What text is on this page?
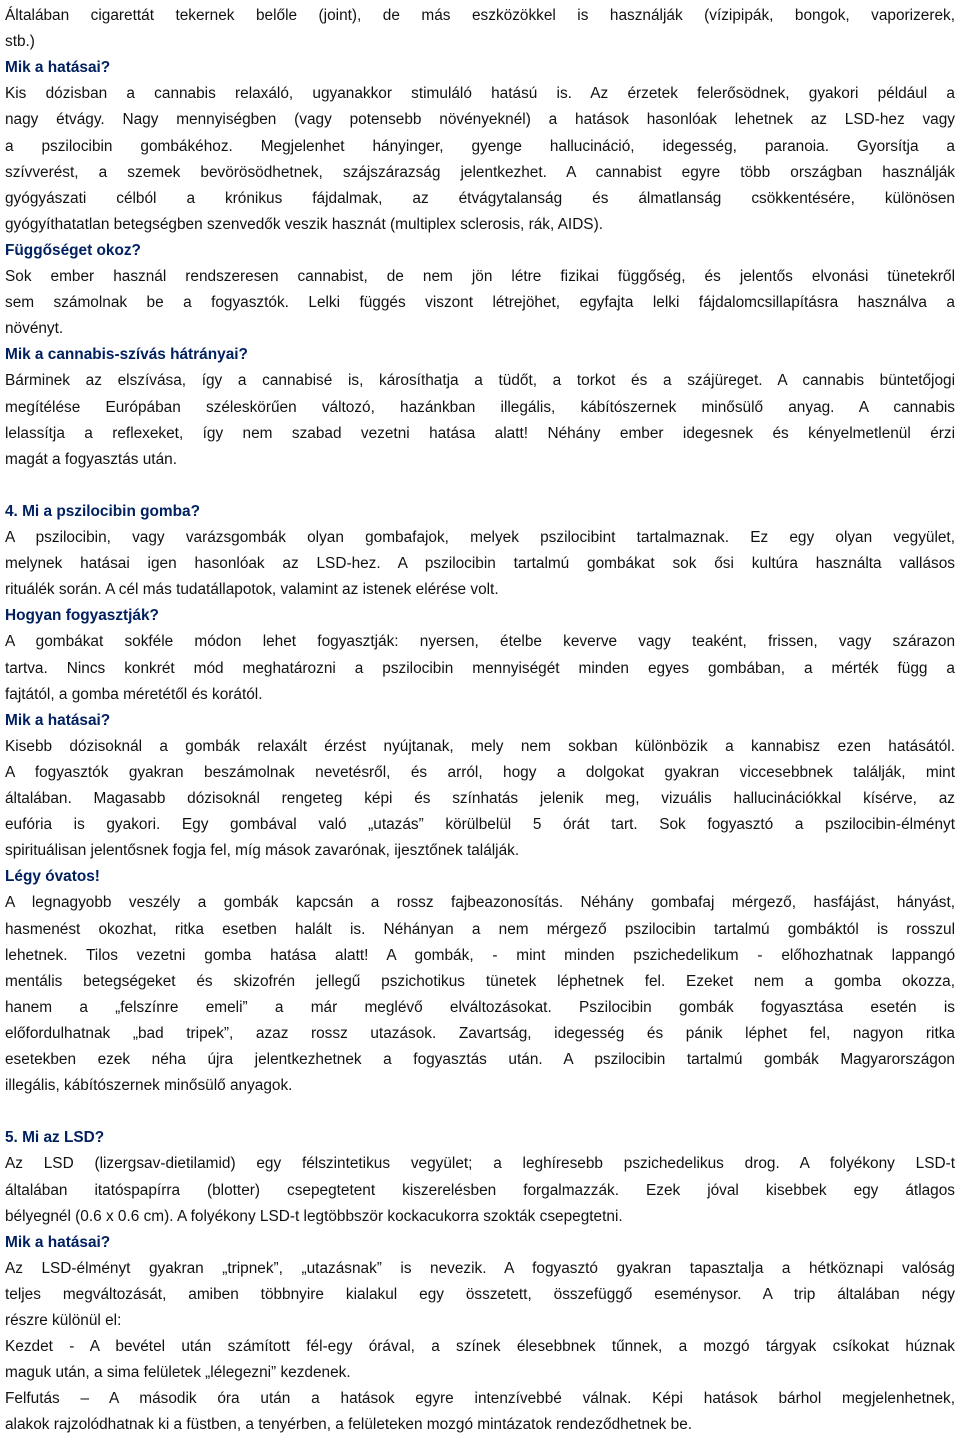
Általában cigarettát tekernek belőle (joint), de más eszközökkel is használják (vízipipák, bongok, vaporizerek,

stb.)

Mik a hatásai?

Kis dózisban a cannabis relaxáló, ugyanakkor stimuláló hatású is. Az érzetek felerősödnek, gyakori például a

nagy étvágy. Nagy mennyiségben (vagy potensebb növényeknél) a hatások hasonlóak lehetnek az LSD-hez vagy

a pszilocibin gombákéhoz. Megjelenhet hányinger, gyenge hallucináció, idegesség, paranoia. Gyorsítja a

szívverést, a szemek bevörösödhetnek, szájszárazság jelentkezhet. A cannabist egyre több országban használják

gyógyászati célból a krónikus fájdalmak, az étvágytalanság és álmatlanság csökkentésére, különösen

gyógyíthatatlan betegségben szenvedők veszik hasznát (multiplex sclerosis, rák, AIDS).

Függőséget okoz?

Sok ember használ rendszeresen cannabist, de nem jön létre fizikai függőség, és jelentős elvonási tünetekről

sem számolnak be a fogyasztók. Lelki függés viszont létrejöhet, egyfajta lelki fájdalomcsillapításra használva a

növényt.

Mik a cannabis-szívás hátrányai?

Bárminek az elszívása, így a cannabisé is, károsíthatja a tüdőt, a torkot és a szájüreget. A cannabis büntetőjogi

megítélése Európában széleskörűen változó, hazánkban illegális, kábítószernek minősülő anyag. A cannabis

lelassítja a reflexeket, így nem szabad vezetni hatása alatt! Néhány ember idegesnek és kényelmetlenül érzi

magát a fogyasztás után.

4. Mi a pszilocibin gomba?

A pszilocibin, vagy varázsgombák olyan gombafajok, melyek pszilocibint tartalmaznak. Ez egy olyan vegyület,

melynek hatásai igen hasonlóak az LSD-hez. A pszilocibin tartalmú gombákat sok ősi kultúra használta vallásos

rituálék során. A cél más tudatállapotok, valamint az istenek elérése volt.

Hogyan fogyasztják?

A gombákat sokféle módon lehet fogyasztják: nyersen, ételbe keverve vagy teaként, frissen, vagy szárazon

tartva. Nincs konkrét mód meghatározni a pszilocibin mennyiségét minden egyes gombában, a mérték függ a

fajtától, a gomba méretétől és korától.

Mik a hatásai?

Kisebb dózisoknál a gombák relaxált érzést nyújtanak, mely nem sokban különbözik a kannabisz ezen hatásától.

A fogyasztók gyakran beszámolnak nevetésről, és arról, hogy a dolgokat gyakran viccesebbnek találják, mint

általában. Magasabb dózisoknál rengeteg képi és színhatás jelenik meg, vizuális hallucinációkkal kísérve, az

eufória is gyakori. Egy gombával való „utazás” körülbelül 5 órát tart. Sok fogyasztó a pszilocibin-élményt

spirituálisan jelentősnek fogja fel, míg mások zavarónak, ijesztőnek találják.

Légy óvatos!

A legnagyobb veszély a gombák kapcsán a rossz fajbeazonosítás. Néhány gombafaj mérgező, hasfájást, hányást,

hasmenést okozhat, ritka esetben halált is. Néhányan a nem mérgező pszilocibin tartalmú gombáktól is rosszul

lehetnek. Tilos vezetni gomba hatása alatt! A gombák, - mint minden pszichedelikum - előhozhatnak lappangó

mentális betegségeket és skizofrén jellegű pszichotikus tünetek léphetnek fel. Ezeket nem a gomba okozza,

hanem a „felszínre emeli” a már meglévő elváltozásokat. Pszilocibin gombák fogyasztása esetén is

előfordulhatnak „bad tripek”, azaz rossz utazások. Zavartság, idegesség és pánik léphet fel, nagyon ritka

esetekben ezek néha újra jelentkezhetnek a fogyasztás után. A pszilocibin tartalmú gombák Magyarországon

illegális, kábítószernek minősülő anyagok.

5. Mi az LSD?

Az LSD (lizergsav-dietilamid) egy félszintetikus vegyület; a leghíresebb pszichedelikus drog. A folyékony LSD-t

általában itatóspapírra (blotter) csepegtetent kiszerelésben forgalmazzák. Ezek jóval kisebbek egy átlagos

bélyegnél (0.6 x 0.6 cm). A folyékony LSD-t legtöbbször kockacukorra szokták csepegtetni.

Mik a hatásai?

Az LSD-élményt gyakran „tripnek”, „utazásnak” is nevezik. A fogyasztó gyakran tapasztalja a hétköznapi valóság

teljes megváltozását, amiben többnyire kialakul egy összetett, összefüggő eseménysor. A trip általában négy

részre különül el:

Kezdet - A bevétel után számított fél-egy órával, a színek élesebbnek tűnnek, a mozgó tárgyak csíkokat húznak

maguk után, a sima felületek „lélegezni” kezdenek.

Felfutás – A második óra után a hatások egyre intenzívebbé válnak. Képi hatások bárhol megjelenhetnek,

alakok rajzolódhatnak ki a füstben, a tenyérben, a felületeken mozgó mintázatok rendeződhetnek be.
